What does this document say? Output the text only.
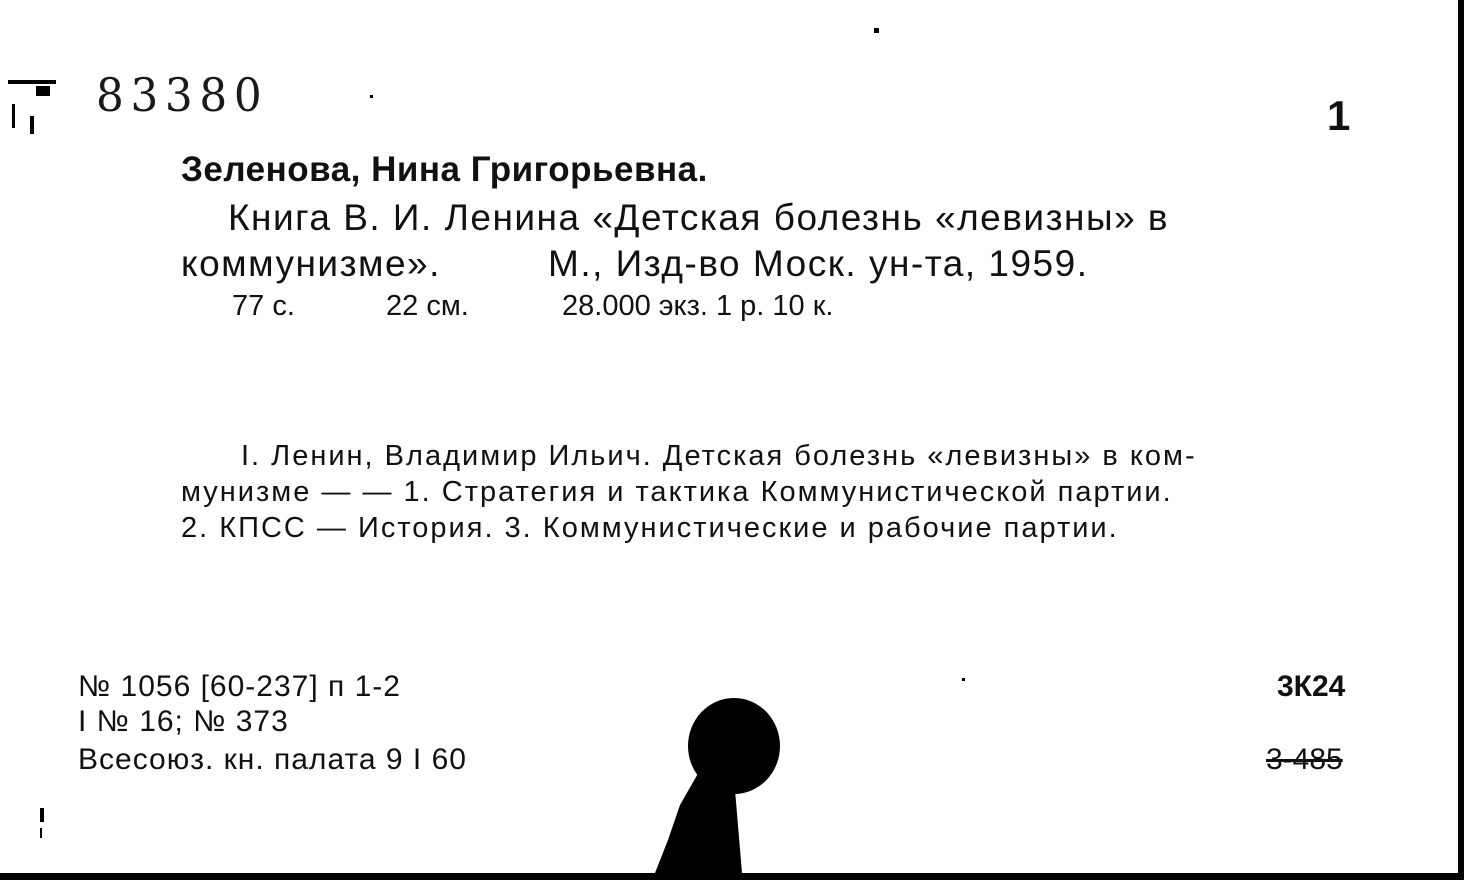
83380	1
Зеленова, Нина Григорьевна.
Книга В. И. Ленина «Детская болезнь «левизны» в
коммунизме».	М., Изд-во Моск. ун-та, 1959.
77 с.	22 см.	28.000 экз. 1 р. 10 к.
I. Ленин, Владимир Ильич. Детская болезнь «левизны» в ком-
мунизме — — 1. Стратегия и тактика Коммунистической партии.
2. КПСС — История. 3. Коммунистические и рабочие партии.
№ 1056 [60-237] п 1-2
I № 16; № 373
Всесоюз. кн. палата 9 I 60
3К24
3-485
